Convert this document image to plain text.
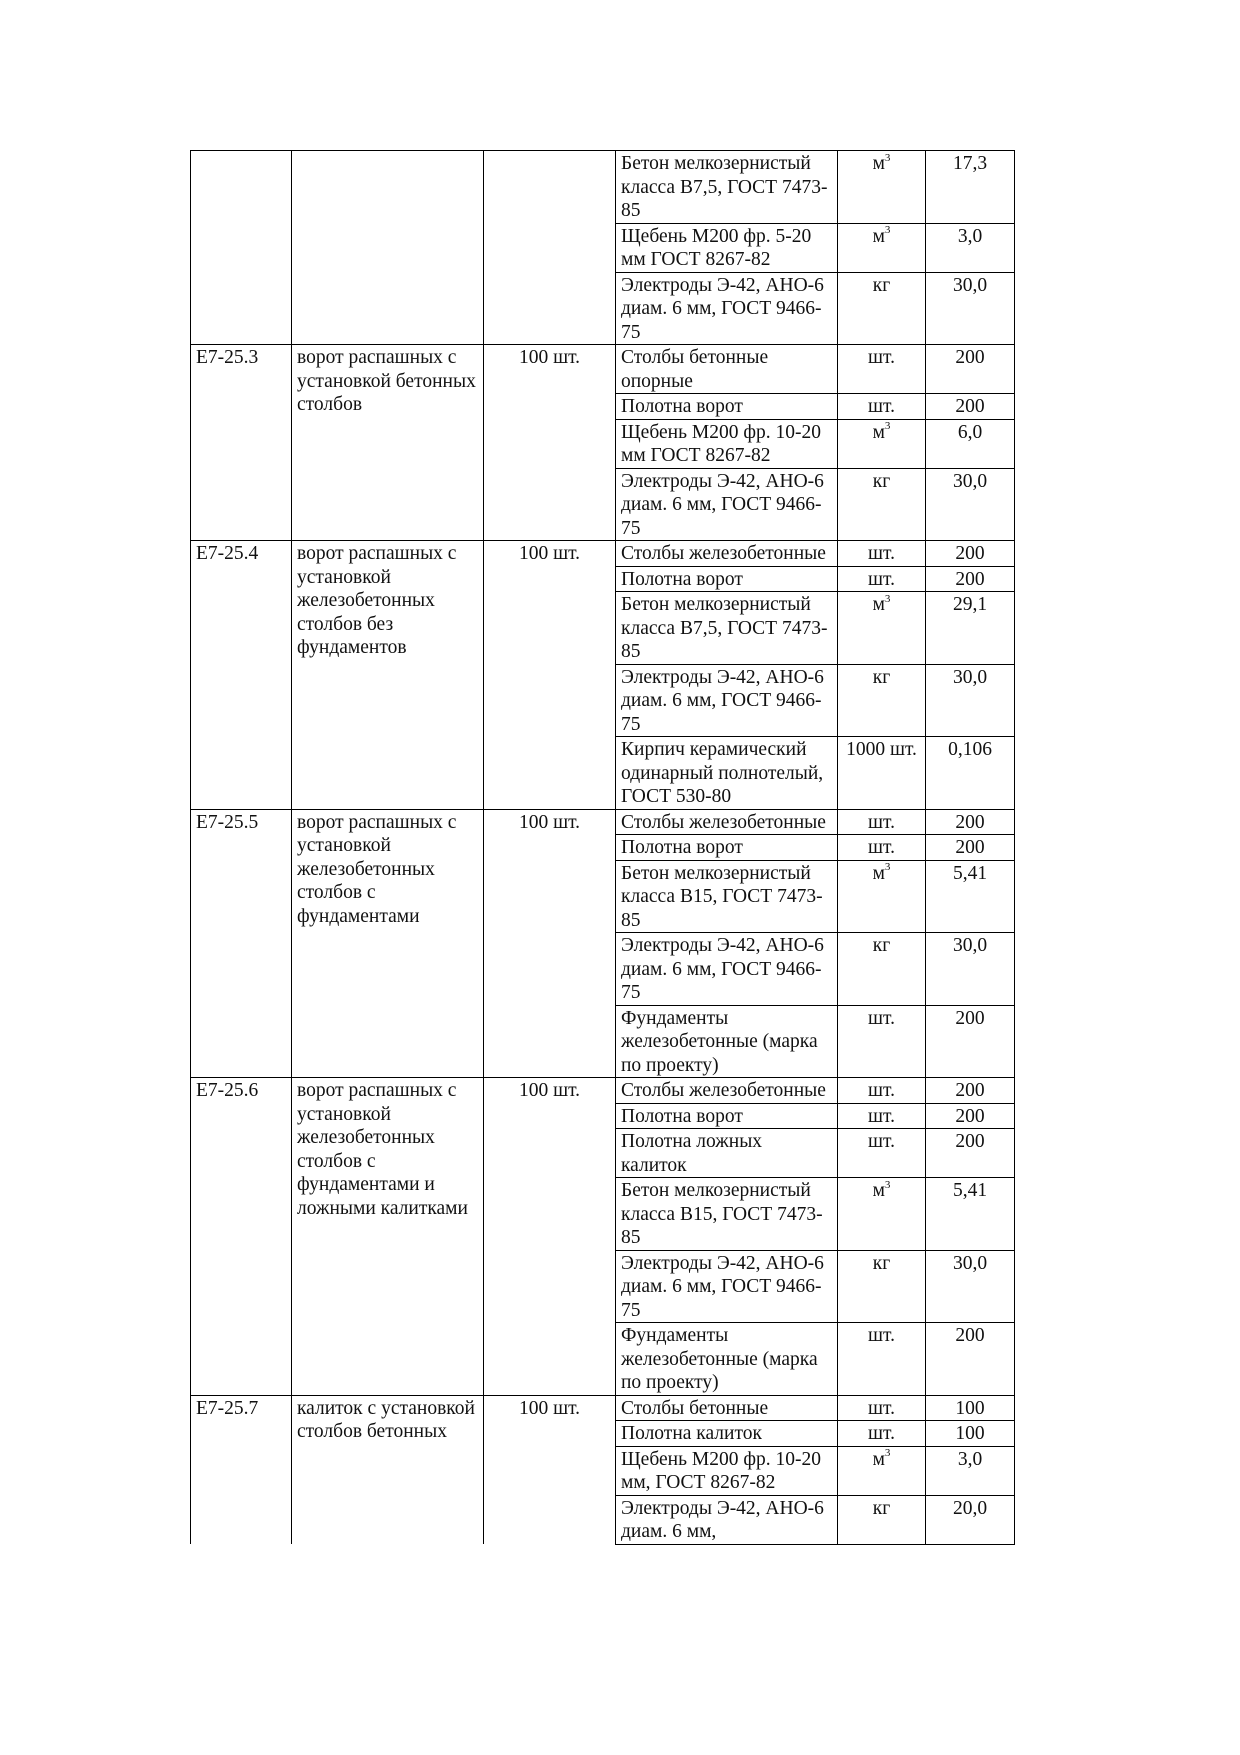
			Бетон мелкозернистый класса В7,5, ГОСТ 7473-85	$м^3$	17,3
			Щебень М200 фр. 5-20 мм ГОСТ 8267-82	$м^3$	3,0
			Электроды Э-42, АНО-6 диам. 6 мм, ГОСТ 9466-75	кг	30,0
Е7-25.3	ворот распашных с установкой бетонных столбов	100 шт.	Столбы бетонные опорные	шт.	200
			Полотна ворот	шт.	200
			Щебень М200 фр. 10-20 мм ГОСТ 8267-82	$м^3$	6,0
			Электроды Э-42, АНО-6 диам. 6 мм, ГОСТ 9466-75	кг	30,0
Е7-25.4	ворот распашных с установкой железобетонных столбов без фундаментов	100 шт.	Столбы железобетонные	шт.	200
			Полотна ворот	шт.	200
			Бетон мелкозернистый класса В7,5, ГОСТ 7473-85	$м^3$	29,1
			Электроды Э-42, АНО-6 диам. 6 мм, ГОСТ 9466-75	кг	30,0
			Кирпич керамический одинарный полнотелый, ГОСТ 530-80	1000 шт.	0,106
Е7-25.5	ворот распашных с установкой железобетонных столбов с фундаментами	100 шт.	Столбы железобетонные	шт.	200
			Полотна ворот	шт.	200
			Бетон мелкозернистый класса В15, ГОСТ 7473-85	$м^3$	5,41
			Электроды Э-42, АНО-6 диам. 6 мм, ГОСТ 9466-75	кг	30,0
			Фундаменты железобетонные (марка по проекту)	шт.	200
Е7-25.6	ворот распашных с установкой железобетонных столбов с фундаментами и ложными калитками	100 шт.	Столбы железобетонные	шт.	200
			Полотна ворот	шт.	200
			Полотна ложных калиток	шт.	200
			Бетон мелкозернистый класса В15, ГОСТ 7473-85	$м^3$	5,41
			Электроды Э-42, АНО-6 диам. 6 мм, ГОСТ 9466-75	кг	30,0
			Фундаменты железобетонные (марка по проекту)	шт.	200
Е7-25.7	калиток с установкой столбов бетонных	100 шт.	Столбы бетонные	шт.	100
			Полотна калиток	шт.	100
			Щебень М200 фр. 10-20 мм, ГОСТ 8267-82	$м^3$	3,0
			Электроды Э-42, АНО-6 диам. 6 мм,	кг	20,0
